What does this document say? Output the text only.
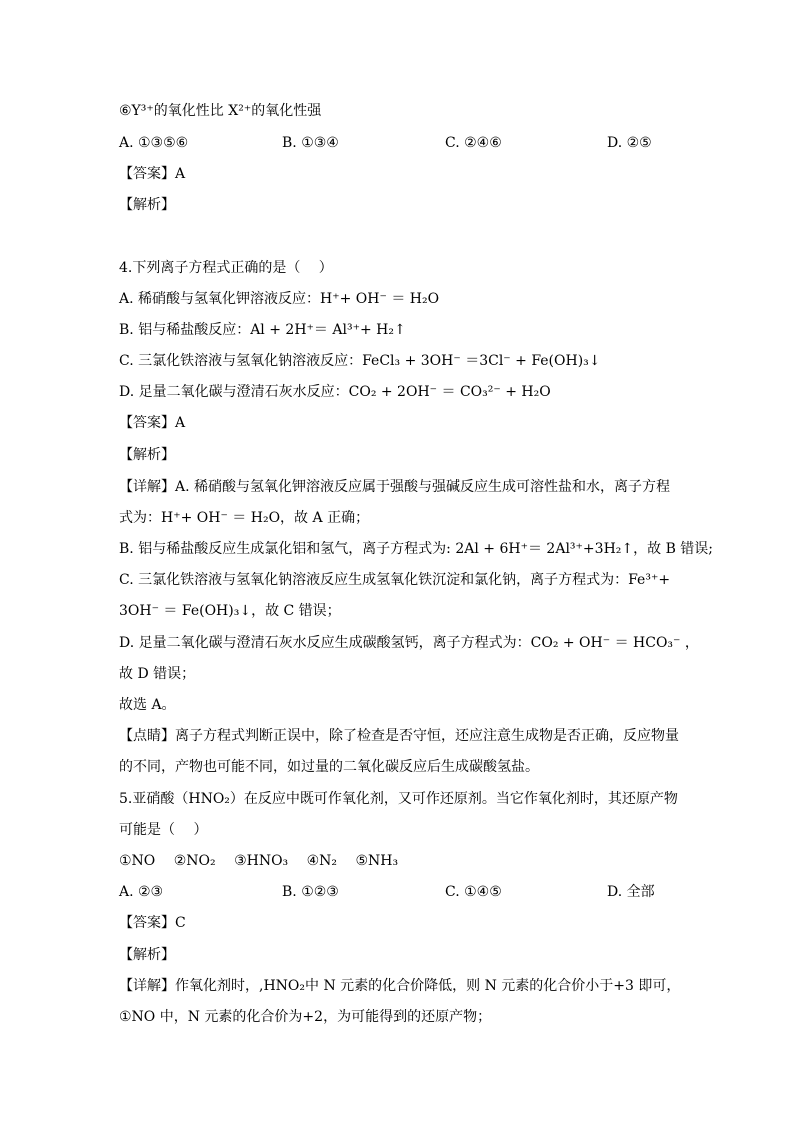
⑥Y³⁺的氧化性比 X²⁺的氧化性强
A. ①③⑤⑥	B. ①③④	C. ②④⑥	D. ②⑤
【答案】A
【解析】
4.下列离子方程式正确的是（　 ）
A. 稀硝酸与氢氧化钾溶液反应：H⁺+ OH⁻ ＝ H₂O
B. 铝与稀盐酸反应：Al + 2H⁺＝ Al³⁺+ H₂↑
C. 三氯化铁溶液与氢氧化钠溶液反应：FeCl₃ + 3OH⁻ ＝3Cl⁻ + Fe(OH)₃↓
D. 足量二氧化碳与澄清石灰水反应：CO₂ + 2OH⁻ ＝ CO₃²⁻ + H₂O
【答案】A
【解析】
【详解】A. 稀硝酸与氢氧化钾溶液反应属于强酸与强碱反应生成可溶性盐和水，离子方程
式为：H⁺+ OH⁻ ＝ H₂O，故 A 正确；
B. 铝与稀盐酸反应生成氯化铝和氢气，离子方程式为: 2Al + 6H⁺＝ 2Al³⁺+3H₂↑，故 B 错误;
C. 三氯化铁溶液与氢氧化钠溶液反应生成氢氧化铁沉淀和氯化钠，离子方程式为：Fe³⁺+
3OH⁻ ＝ Fe(OH)₃↓，故 C 错误；
D. 足量二氧化碳与澄清石灰水反应生成碳酸氢钙，离子方程式为：CO₂ + OH⁻ ＝ HCO₃⁻ ，
故 D 错误；
故选 A。
【点睛】离子方程式判断正误中，除了检查是否守恒，还应注意生成物是否正确，反应物量
的不同，产物也可能不同，如过量的二氧化碳反应后生成碳酸氢盐。
5.亚硝酸（HNO₂）在反应中既可作氧化剂，又可作还原剂。当它作氧化剂时，其还原产物
可能是（　 ）
①NO　 ②NO₂　 ③HNO₃　 ④N₂　 ⑤NH₃
A. ②③	B. ①②③	C. ①④⑤	D. 全部
【答案】C
【解析】
【详解】作氧化剂时，,HNO₂中 N 元素的化合价降低，则 N 元素的化合价小于+3 即可，
①NO 中，N 元素的化合价为+2，为可能得到的还原产物；
